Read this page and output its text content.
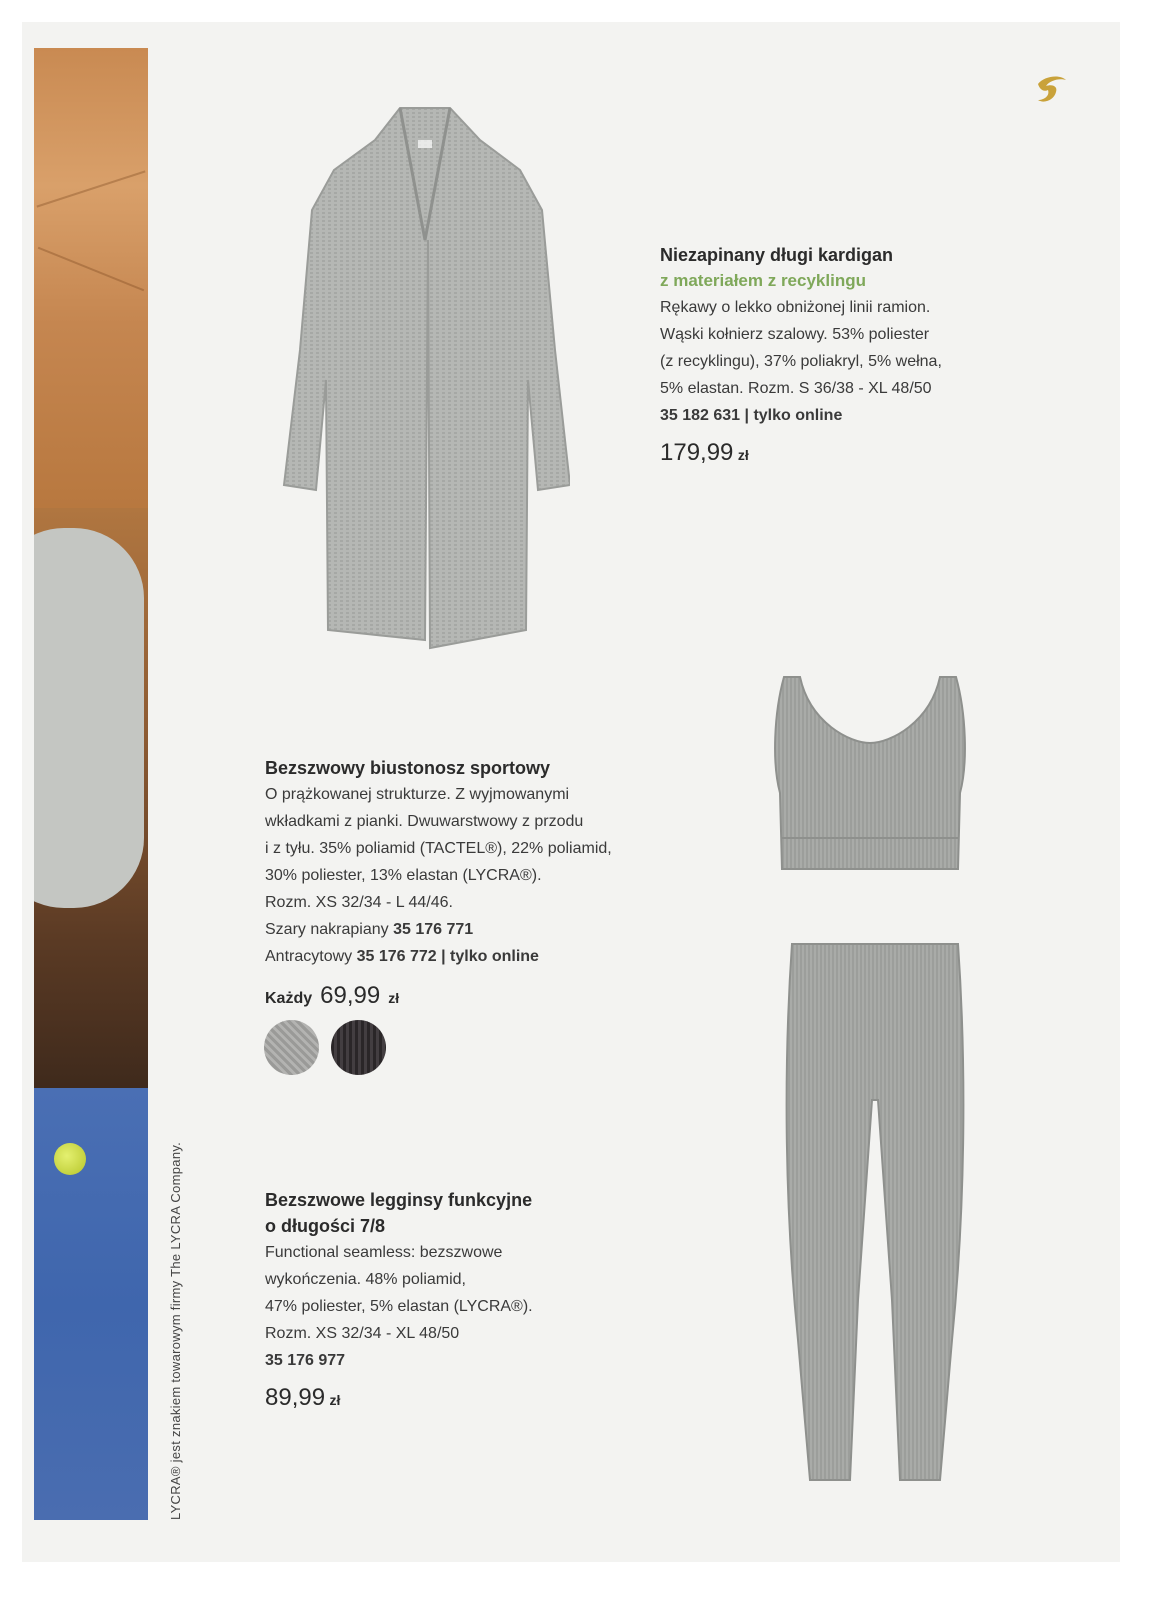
LYCRA® jest znakiem towarowym firmy The LYCRA Company.
Niezapinany długi kardigan
z materiałem z recyklingu
Rękawy o lekko obniżonej linii ramion.
Wąski kołnierz szalowy. 53% poliester
(z recyklingu), 37% poliakryl, 5% wełna,
5% elastan. Rozm. S 36/38 - XL 48/50
35 182 631 | tylko online
179,99 zł
Bezszwowy biustonosz sportowy
O prążkowanej strukturze. Z wyjmowanymi
wkładkami z pianki. Dwuwarstwowy z przodu
i z tyłu. 35% poliamid (TACTEL®), 22% poliamid,
30% poliester, 13% elastan (LYCRA®).
Rozm. XS 32/34 - L 44/46.
Szary nakrapiany 35 176 771
Antracytowy 35 176 772 | tylko online
Każdy 69,99 zł
Bezszwowe legginsy funkcyjne
o długości 7/8
Functional seamless: bezszwowe
wykończenia. 48% poliamid,
47% poliester, 5% elastan (LYCRA®).
Rozm. XS 32/34 - XL 48/50
35 176 977
89,99 zł
